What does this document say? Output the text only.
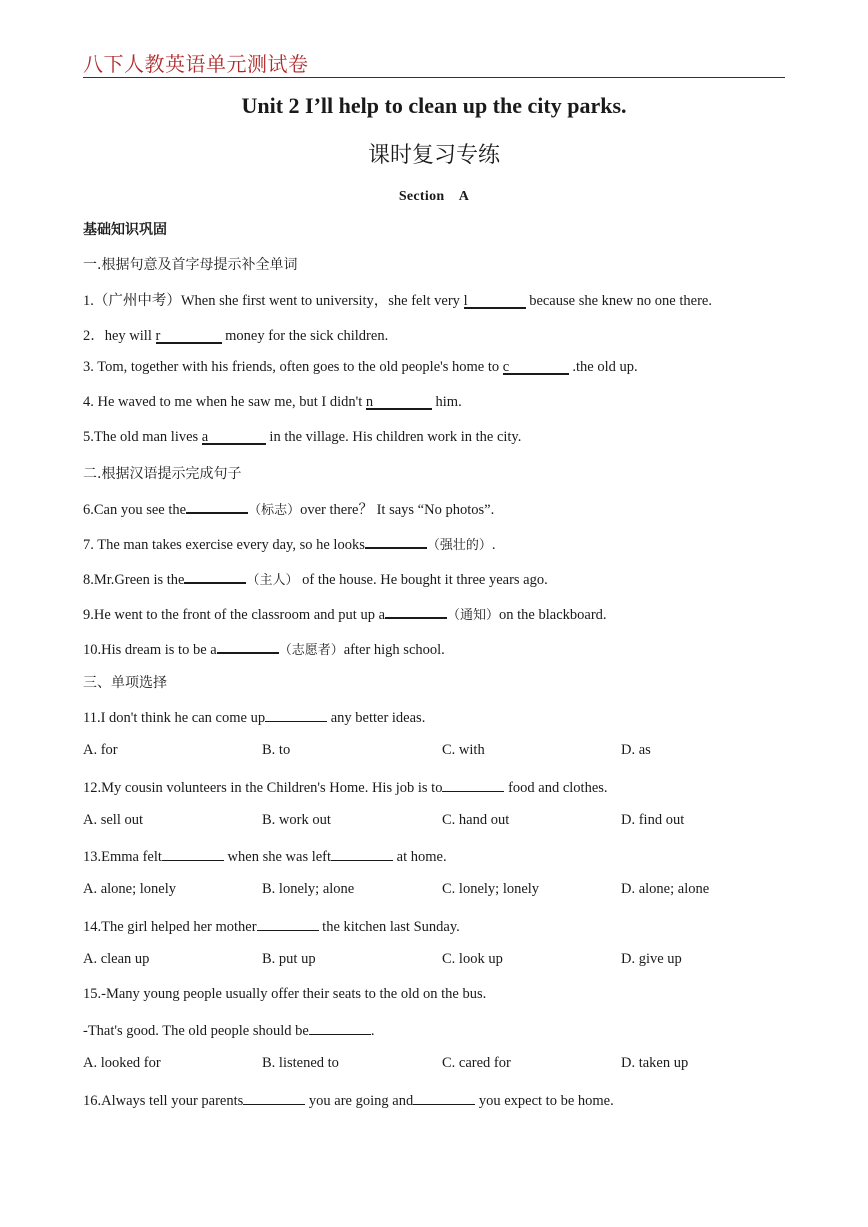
八下人教英语单元测试卷
Unit 2 I’ll help to clean up the city parks.
课时复习专练
Section　A
基础知识巩固
一.根据句意及首字母提示补全单词
1.（广州中考）When she first went to university，she felt very l	because she knew no one there.
2．hey will r	money for the sick children.
3. Tom, together with his friends, often goes to the old people's home to c	.the old up.
4. He waved to me when he saw me, but I didn't n	him.
5.The old man lives a	in the village. His children work in the city.
二.根据汉语提示完成句子
6.Can you see the	（标志）over there？ It says “No photos”.
7. The man takes exercise every day, so he looks	（强壮的）.
8.Mr.Green is the	（主人） of the house. He bought it three years ago.
9.He went to the front of the classroom and put up a	（通知）on the blackboard.
10.His dream is to be a	（志愿者）after high school.
三、单项选择
11.I don't think he can come up	any better ideas.
A. for	B. to	C. with	D. as
12.My cousin volunteers in the Children's Home. His job is to	food and clothes.
A. sell out	B. work out	C. hand out	D. find out
13.Emma felt	when she was left	at home.
A. alone; lonely	B. lonely; alone	C. lonely; lonely	D. alone; alone
14.The girl helped her mother	the kitchen last Sunday.
A. clean up	B. put up	C. look up	D. give up
15.-Many young people usually offer their seats to the old on the bus.
-That's good. The old people should be	.
A. looked for	B. listened to	C. cared for	D. taken up
16.Always tell your parents	you are going and	you expect to be home.
